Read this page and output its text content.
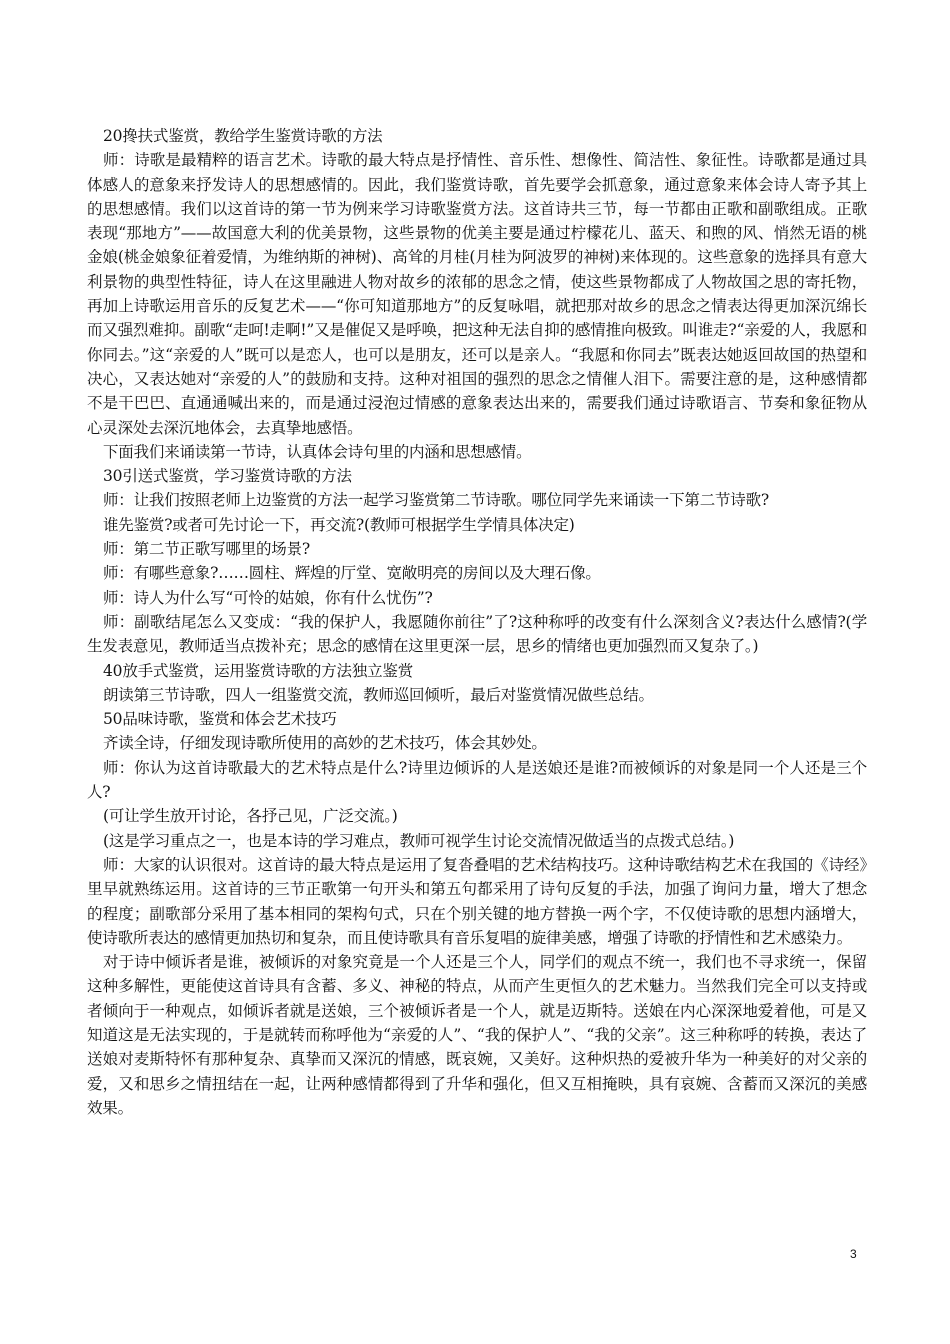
20搀扶式鉴赏，教给学生鉴赏诗歌的方法

师：诗歌是最精粹的语言艺术。诗歌的最大特点是抒情性、音乐性、想像性、简洁性、象征性。诗歌都是通过具体感人的意象来抒发诗人的思想感情的。因此，我们鉴赏诗歌，首先要学会抓意象，通过意象来体会诗人寄予其上的思想感情。我们以这首诗的第一节为例来学习诗歌鉴赏方法。这首诗共三节，每一节都由正歌和副歌组成。正歌表现“那地方”——故国意大利的优美景物，这些景物的优美主要是通过柠檬花儿、蓝天、和煦的风、悄然无语的桃金娘(桃金娘象征着爱情，为维纳斯的神树)、高耸的月桂(月桂为阿波罗的神树)来体现的。这些意象的选择具有意大利景物的典型性特征，诗人在这里融进人物对故乡的浓郁的思念之情，使这些景物都成了人物故国之思的寄托物，再加上诗歌运用音乐的反复艺术——“你可知道那地方”的反复咏唱，就把那对故乡的思念之情表达得更加深沉绵长而又强烈难抑。副歌“走呵!走啊!”又是催促又是呼唤，把这种无法自抑的感情推向极致。叫谁走?“亲爱的人，我愿和你同去。”这“亲爱的人”既可以是恋人，也可以是朋友，还可以是亲人。“我愿和你同去”既表达她返回故国的热望和决心，又表达她对“亲爱的人”的鼓励和支持。这种对祖国的强烈的思念之情催人泪下。需要注意的是，这种感情都不是干巴巴、直通通喊出来的，而是通过浸泡过情感的意象表达出来的，需要我们通过诗歌语言、节奏和象征物从心灵深处去深沉地体会，去真挚地感悟。

下面我们来诵读第一节诗，认真体会诗句里的内涵和思想感情。

30引送式鉴赏，学习鉴赏诗歌的方法

师：让我们按照老师上边鉴赏的方法一起学习鉴赏第二节诗歌。哪位同学先来诵读一下第二节诗歌?

谁先鉴赏?或者可先讨论一下，再交流?(教师可根据学生学情具体决定)

师：第二节正歌写哪里的场景?

师：有哪些意象?……圆柱、辉煌的厅堂、宽敞明亮的房间以及大理石像。

师：诗人为什么写“可怜的姑娘，你有什么忧伤”?

师：副歌结尾怎么又变成：“我的保护人，我愿随你前往”了?这种称呼的改变有什么深刻含义?表达什么感情?(学生发表意见，教师适当点拨补充；思念的感情在这里更深一层，思乡的情绪也更加强烈而又复杂了。)

40放手式鉴赏，运用鉴赏诗歌的方法独立鉴赏

朗读第三节诗歌，四人一组鉴赏交流，教师巡回倾听，最后对鉴赏情况做些总结。

50品味诗歌，鉴赏和体会艺术技巧

齐读全诗，仔细发现诗歌所使用的高妙的艺术技巧，体会其妙处。

师：你认为这首诗歌最大的艺术特点是什么?诗里边倾诉的人是送娘还是谁?而被倾诉的对象是同一个人还是三个人?

(可让学生放开讨论，各抒己见，广泛交流。)

(这是学习重点之一，也是本诗的学习难点，教师可视学生讨论交流情况做适当的点拨式总结。)

师：大家的认识很对。这首诗的最大特点是运用了复沓叠唱的艺术结构技巧。这种诗歌结构艺术在我国的《诗经》里早就熟练运用。这首诗的三节正歌第一句开头和第五句都采用了诗句反复的手法，加强了询问力量，增大了想念的程度；副歌部分采用了基本相同的架构句式，只在个别关键的地方替换一两个字，不仅使诗歌的思想内涵增大，使诗歌所表达的感情更加热切和复杂，而且使诗歌具有音乐复唱的旋律美感，增强了诗歌的抒情性和艺术感染力。

对于诗中倾诉者是谁，被倾诉的对象究竟是一个人还是三个人，同学们的观点不统一，我们也不寻求统一，保留这种多解性，更能使这首诗具有含蓄、多义、神秘的特点，从而产生更恒久的艺术魅力。当然我们完全可以支持或者倾向于一种观点，如倾诉者就是送娘，三个被倾诉者是一个人，就是迈斯特。送娘在内心深深地爱着他，可是又知道这是无法实现的，于是就转而称呼他为“亲爱的人”、“我的保护人”、“我的父亲”。这三种称呼的转换，表达了送娘对麦斯特怀有那种复杂、真挚而又深沉的情感，既哀婉，又美好。这种炽热的爱被升华为一种美好的对父亲的爱，又和思乡之情扭结在一起，让两种感情都得到了升华和强化，但又互相掩映，具有哀婉、含蓄而又深沉的美感效果。

3
